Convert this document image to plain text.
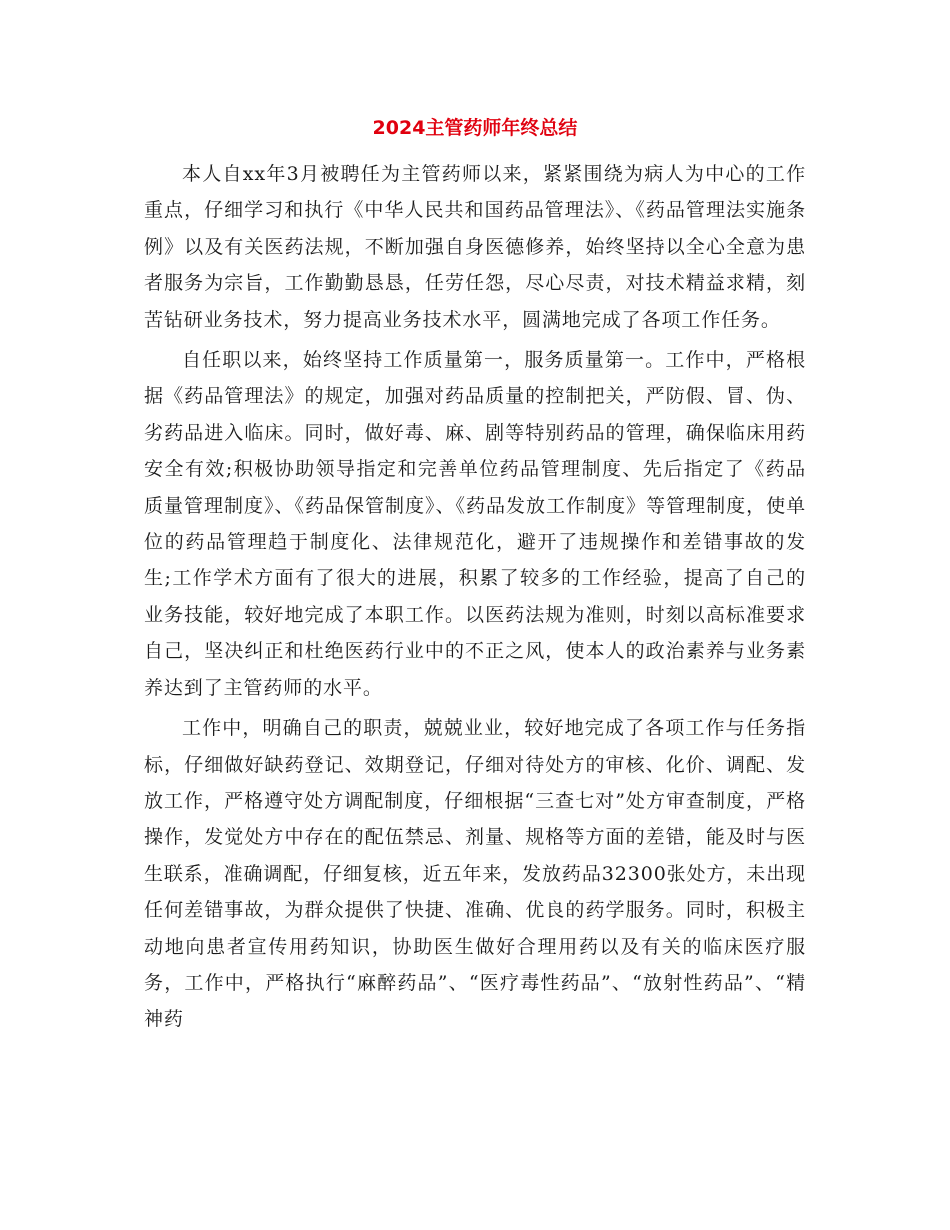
2024主管药师年终总结

本人自xx年3月被聘任为主管药师以来，紧紧围绕为病人为中心的工作重点，仔细学习和执行《中华人民共和国药品管理法》、《药品管理法实施条例》以及有关医药法规，不断加强自身医德修养，始终坚持以全心全意为患者服务为宗旨，工作勤勤恳恳，任劳任怨，尽心尽责，对技术精益求精，刻苦钻研业务技术，努力提高业务技术水平，圆满地完成了各项工作任务。

自任职以来，始终坚持工作质量第一，服务质量第一。工作中，严格根据《药品管理法》的规定，加强对药品质量的控制把关，严防假、冒、伪、劣药品进入临床。同时，做好毒、麻、剧等特别药品的管理，确保临床用药安全有效;积极协助领导指定和完善单位药品管理制度、先后指定了《药品质量管理制度》、《药品保管制度》、《药品发放工作制度》等管理制度，使单位的药品管理趋于制度化、法律规范化，避开了违规操作和差错事故的发生;工作学术方面有了很大的进展，积累了较多的工作经验，提高了自己的业务技能，较好地完成了本职工作。以医药法规为准则，时刻以高标准要求自己，坚决纠正和杜绝医药行业中的不正之风，使本人的政治素养与业务素养达到了主管药师的水平。

工作中，明确自己的职责，兢兢业业，较好地完成了各项工作与任务指标，仔细做好缺药登记、效期登记，仔细对待处方的审核、化价、调配、发放工作，严格遵守处方调配制度，仔细根据“三查七对”处方审查制度，严格操作，发觉处方中存在的配伍禁忌、剂量、规格等方面的差错，能及时与医生联系，准确调配，仔细复核，近五年来，发放药品32300张处方，未出现任何差错事故，为群众提供了快捷、准确、优良的药学服务。同时，积极主动地向患者宣传用药知识，协助医生做好合理用药以及有关的临床医疗服务，工作中，严格执行“麻醉药品”、“医疗毒性药品”、“放射性药品”、“精神药
